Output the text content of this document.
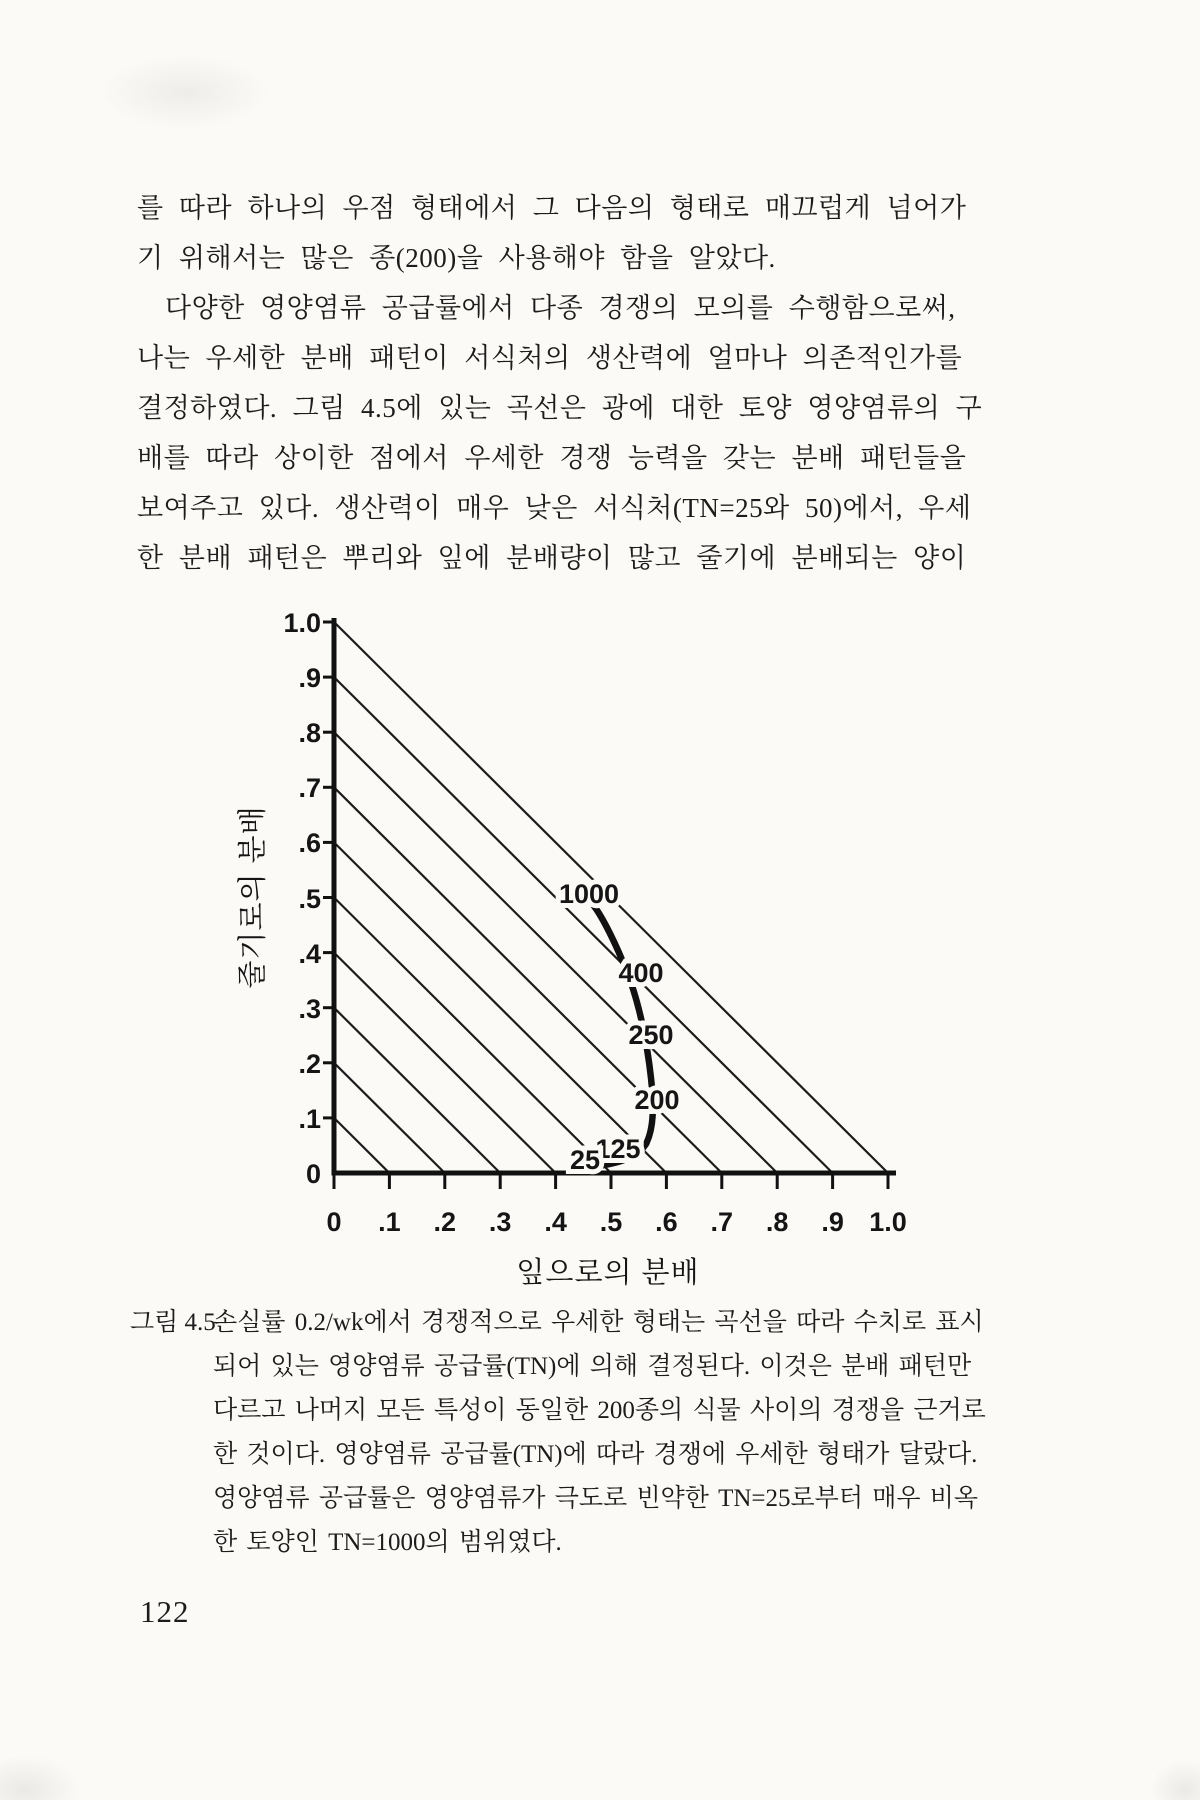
를 따라 하나의 우점 형태에서 그 다음의 형태로 매끄럽게 넘어가
기 위해서는 많은 종(200)을 사용해야 함을 알았다.
다양한 영양염류 공급률에서 다종 경쟁의 모의를 수행함으로써,
나는 우세한 분배 패턴이 서식처의 생산력에 얼마나 의존적인가를
결정하였다. 그림 4.5에 있는 곡선은 광에 대한 토양 영양염류의 구
배를 따라 상이한 점에서 우세한 경쟁 능력을 갖는 분배 패턴들을
보여주고 있다. 생산력이 매우 낮은 서식처(TN=25와 50)에서, 우세
한 분배 패턴은 뿌리와 잎에 분배량이 많고 줄기에 분배되는 양이
1.0
.9
.8
.7
.6
.5
.4
.3
.2
.1
0
0 .1 .2 .3 .4 .5 .6 .7 .8 .9 1.0
줄기로의 분배
잎으로의 분배
1000
400
250
200
125
25
그림 4.5
손실률 0.2/wk에서 경쟁적으로 우세한 형태는 곡선을 따라 수치로 표시
되어 있는 영양염류 공급률(TN)에 의해 결정된다. 이것은 분배 패턴만
다르고 나머지 모든 특성이 동일한 200종의 식물 사이의 경쟁을 근거로
한 것이다. 영양염류 공급률(TN)에 따라 경쟁에 우세한 형태가 달랐다.
영양염류 공급률은 영양염류가 극도로 빈약한 TN=25로부터 매우 비옥
한 토양인 TN=1000의 범위였다.
122
